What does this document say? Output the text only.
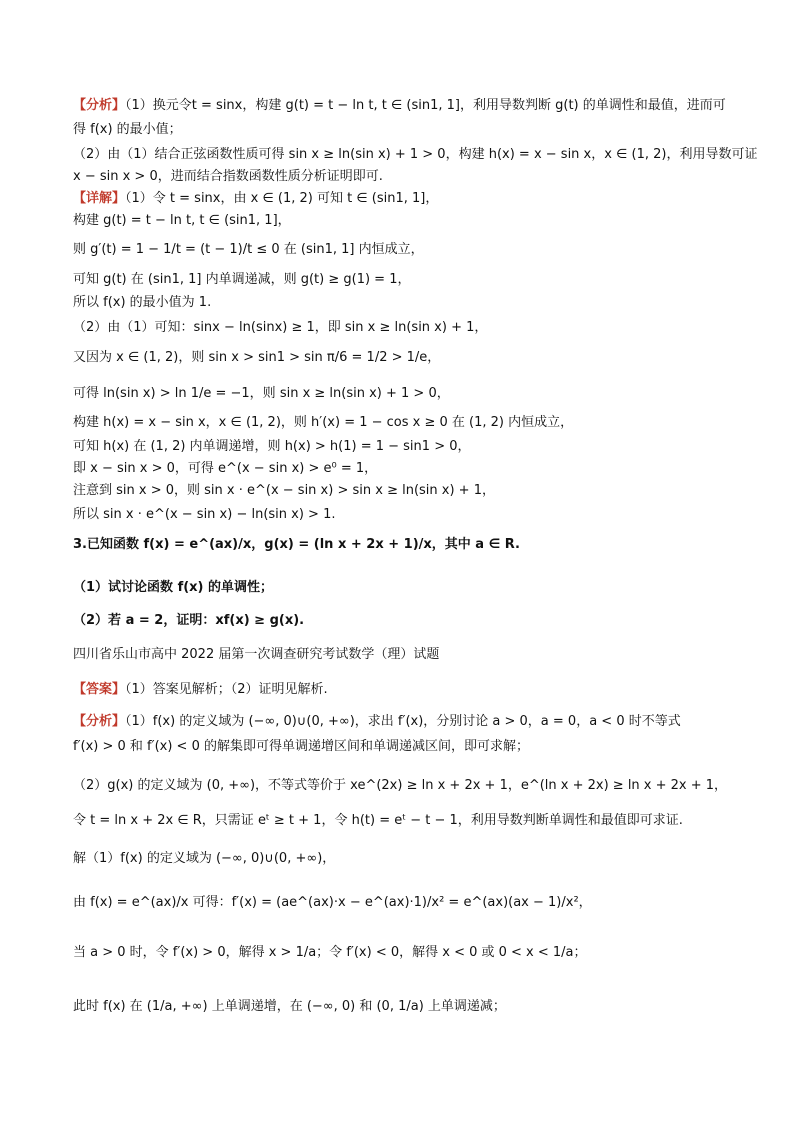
【分析】（1）换元令t = sinx，构建 g(t) = t − ln t, t ∈ (sin1, 1]，利用导数判断 g(t) 的单调性和最值，进而可
得 f(x) 的最小值；
（2）由（1）结合正弦函数性质可得 sin x ≥ ln(sin x) + 1 > 0，构建 h(x) = x − sin x，x ∈ (1, 2)，利用导数可证
x − sin x > 0，进而结合指数函数性质分析证明即可.
【详解】（1）令 t = sinx，由 x ∈ (1, 2) 可知 t ∈ (sin1, 1]，
构建 g(t) = t − ln t, t ∈ (sin1, 1]，
则 g′(t) = 1 − 1/t = (t − 1)/t ≤ 0 在 (sin1, 1] 内恒成立，
可知 g(t) 在 (sin1, 1] 内单调递减，则 g(t) ≥ g(1) = 1，
所以 f(x) 的最小值为 1.
（2）由（1）可知：sinx − ln(sinx) ≥ 1，即 sin x ≥ ln(sin x) + 1，
又因为 x ∈ (1, 2)，则 sin x > sin1 > sin π/6 = 1/2 > 1/e，
可得 ln(sin x) > ln 1/e = −1，则 sin x ≥ ln(sin x) + 1 > 0，
构建 h(x) = x − sin x，x ∈ (1, 2)，则 h′(x) = 1 − cos x ≥ 0 在 (1, 2) 内恒成立，
可知 h(x) 在 (1, 2) 内单调递增，则 h(x) > h(1) = 1 − sin1 > 0，
即 x − sin x > 0，可得 e^(x − sin x) > e⁰ = 1，
注意到 sin x > 0，则 sin x · e^(x − sin x) > sin x ≥ ln(sin x) + 1，
所以 sin x · e^(x − sin x) − ln(sin x) > 1.
3.已知函数 f(x) = e^(ax)/x，g(x) = (ln x + 2x + 1)/x，其中 a ∈ R.
（1）试讨论函数 f(x) 的单调性；
（2）若 a = 2，证明：xf(x) ≥ g(x).
四川省乐山市高中 2022 届第一次调查研究考试数学（理）试题
【答案】（1）答案见解析；（2）证明见解析.
【分析】（1）f(x) 的定义域为 (−∞, 0)∪(0, +∞)，求出 f′(x)，分别讨论 a > 0，a = 0，a < 0 时不等式
f′(x) > 0 和 f′(x) < 0 的解集即可得单调递增区间和单调递减区间，即可求解；
（2）g(x) 的定义域为 (0, +∞)，不等式等价于 xe^(2x) ≥ ln x + 2x + 1，e^(ln x + 2x) ≥ ln x + 2x + 1，
令 t = ln x + 2x ∈ R，只需证 eᵗ ≥ t + 1，令 h(t) = eᵗ − t − 1，利用导数判断单调性和最值即可求证.
解（1）f(x) 的定义域为 (−∞, 0)∪(0, +∞)，
由 f(x) = e^(ax)/x 可得：f′(x) = (ae^(ax)·x − e^(ax)·1)/x² = e^(ax)(ax − 1)/x²，
当 a > 0 时，令 f′(x) > 0，解得 x > 1/a；令 f′(x) < 0，解得 x < 0 或 0 < x < 1/a；
此时 f(x) 在 (1/a, +∞) 上单调递增，在 (−∞, 0) 和 (0, 1/a) 上单调递减；
